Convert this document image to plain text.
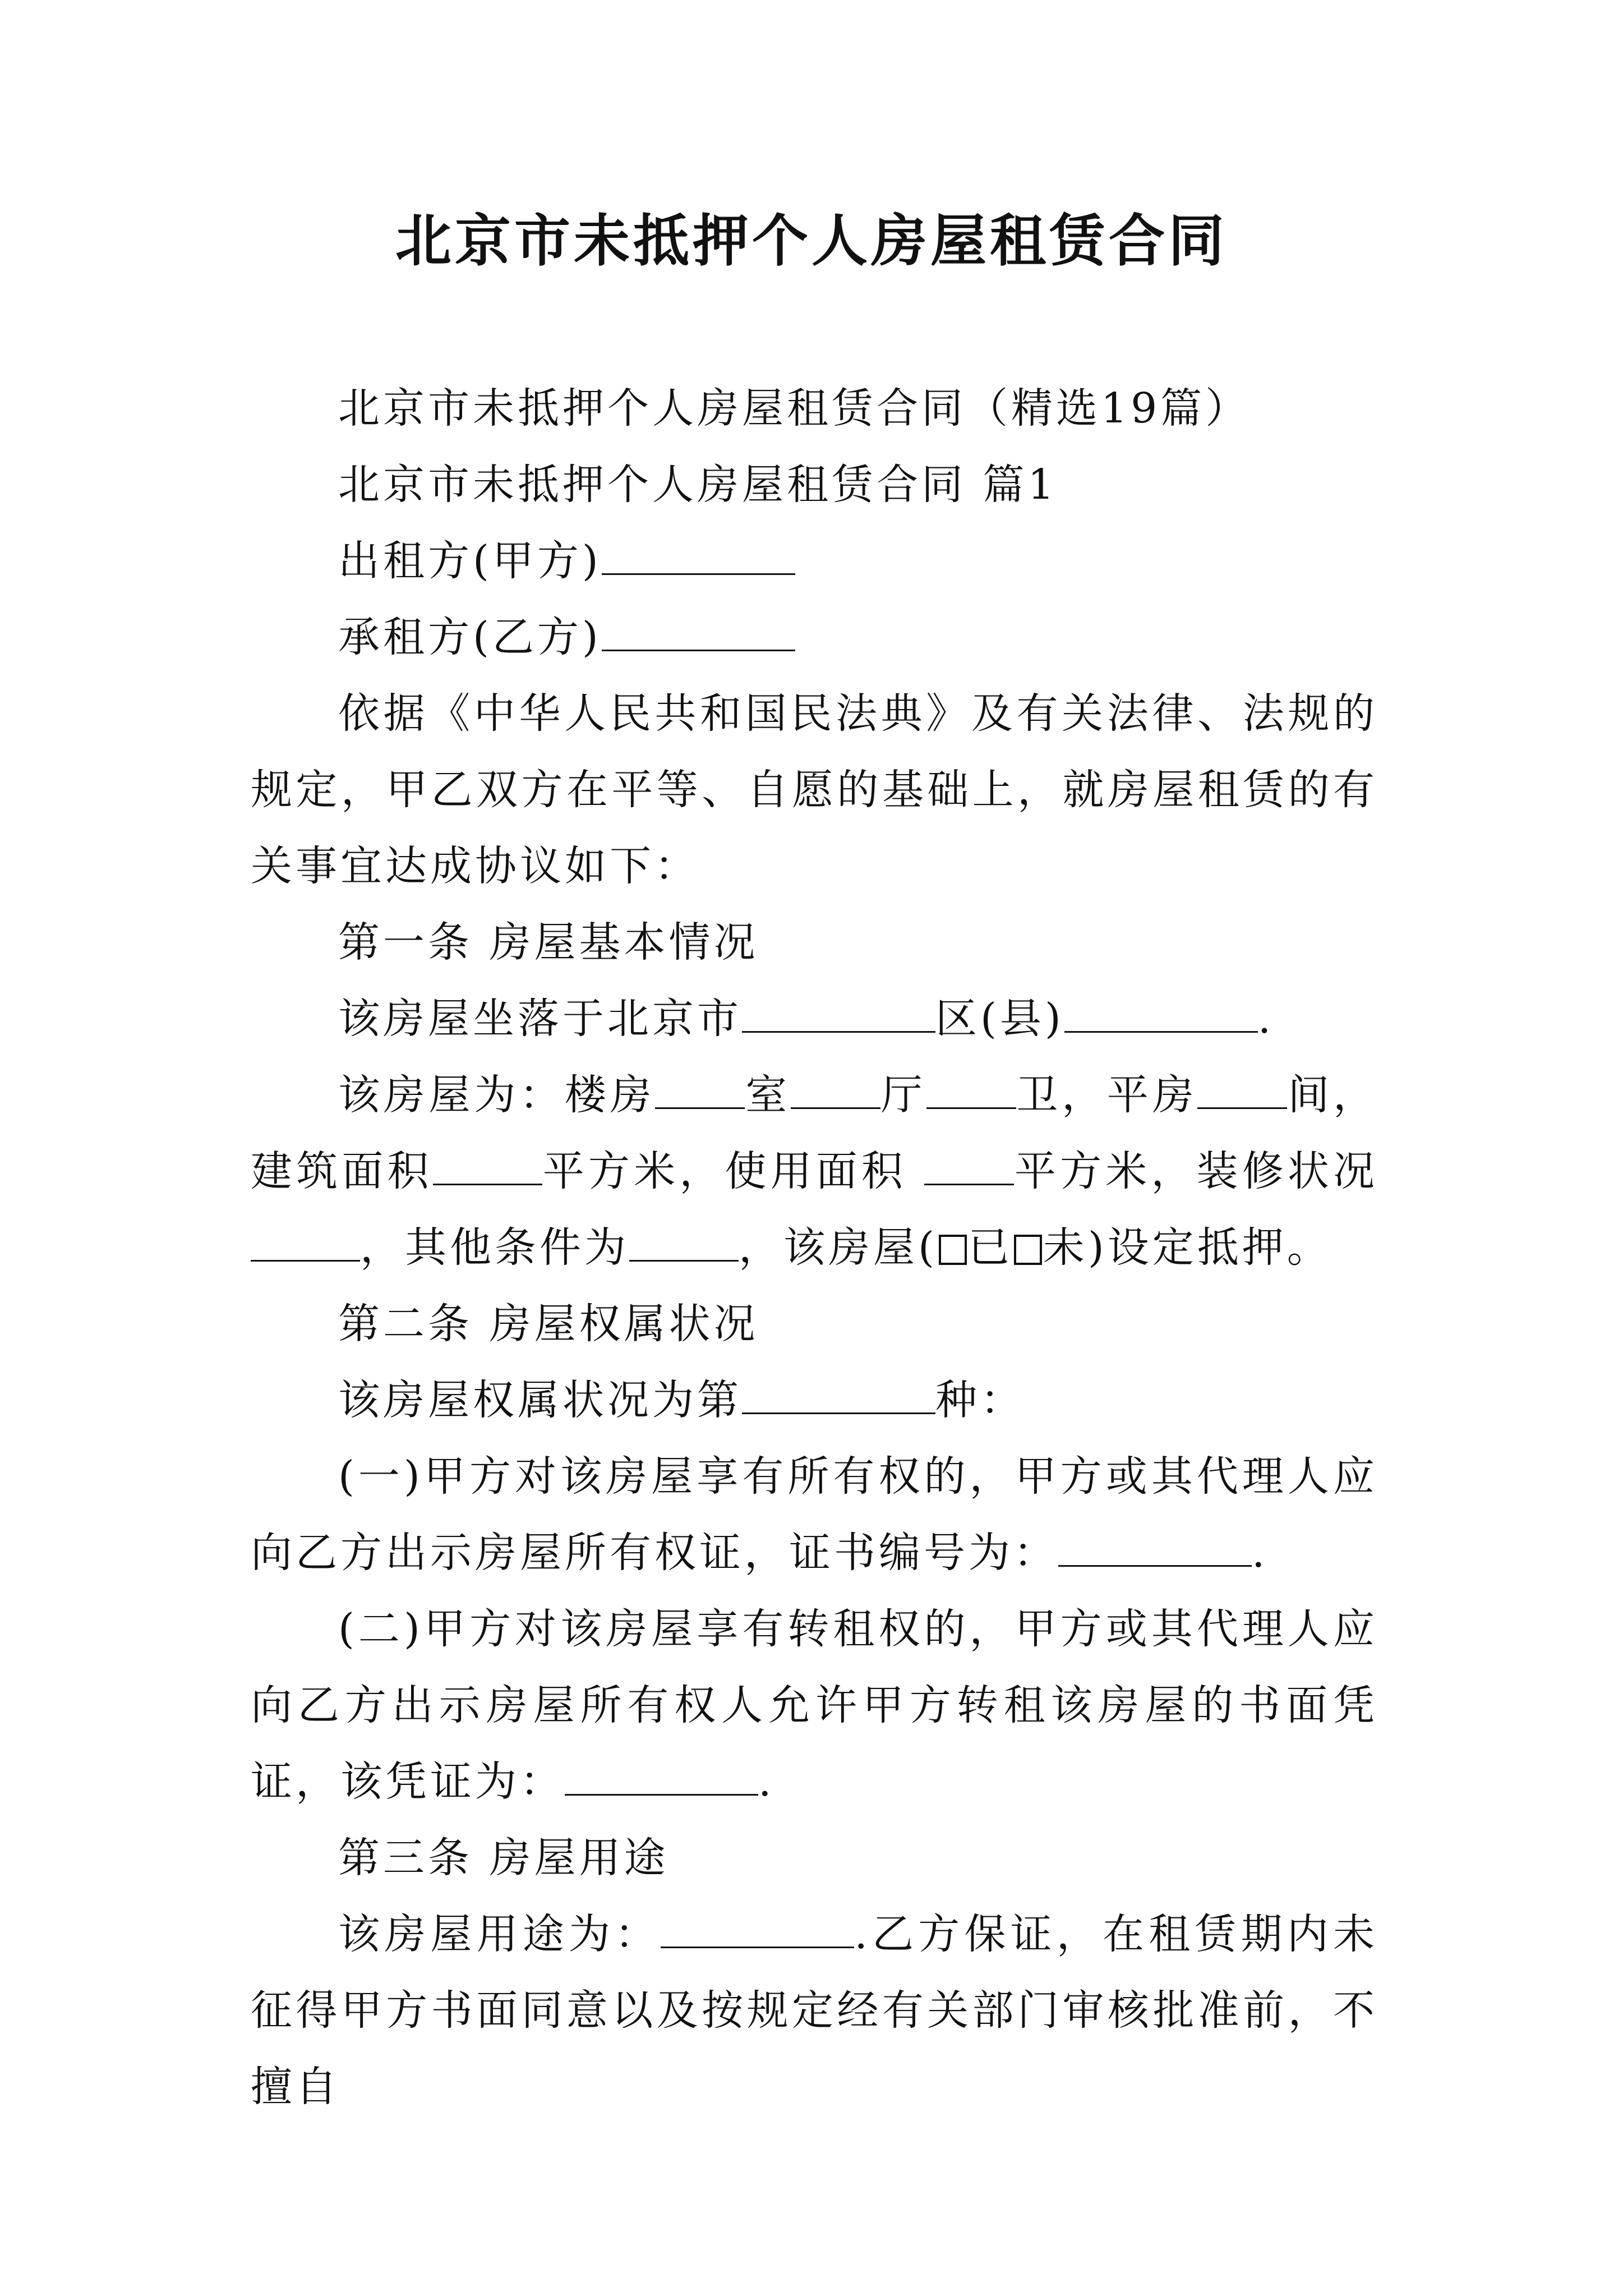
北京市未抵押个人房屋租赁合同

北京市未抵押个人房屋租赁合同（精选19篇）

北京市未抵押个人房屋租赁合同 篇1

出租方(甲方)

承租方(乙方)

依据《中华人民共和国民法典》及有关法律、法规的规定，甲乙双方在平等、自愿的基础上，就房屋租赁的有关事宜达成协议如下：

第一条 房屋基本情况

该房屋坐落于北京市	区(县)	.

该房屋为：楼房 室 厅 卫，平房 间，建筑面积	平方米，使用面积 平方米，装修状况，其他条件为	，该房屋( 已 未)设定抵押。

第二条 房屋权属状况

该房屋权属状况为第	种：

(一)甲方对该房屋享有所有权的，甲方或其代理人应向乙方出示房屋所有权证，证书编号为：	.

(二)甲方对该房屋享有转租权的，甲方或其代理人应向乙方出示房屋所有权人允许甲方转租该房屋的书面凭证，该凭证为：	.

第三条 房屋用途

该房屋用途为：	.乙方保证，在租赁期内未征得甲方书面同意以及按规定经有关部门审核批准前，不擅自
